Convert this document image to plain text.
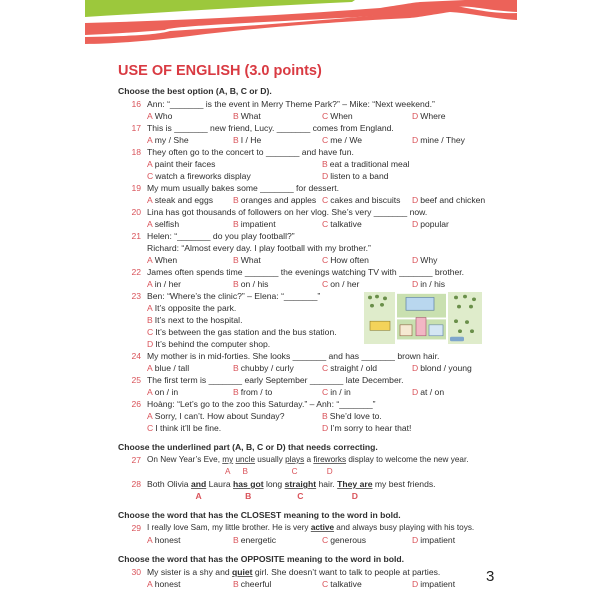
USE OF ENGLISH (3.0 points)
Choose the best option (A, B, C or D).
16 Ann: “_______ is the event in Merry Theme Park?” – Mike: “Next weekend.”
A Who	B What	C When	D Where
17 This is _______ new friend, Lucy. _______ comes from England.
A my / She	B I / He	C me / We	D mine / They
18 They often go to the concert to _______ and have fun.
A paint their faces	B eat a traditional meal
C watch a fireworks display	D listen to a band
19 My mum usually bakes some _______ for dessert.
A steak and eggs B oranges and apples C cakes and biscuits D beef and chicken
20 Lina has got thousands of followers on her vlog. She’s very _______ now.
A selfish	B impatient	C talkative	D popular
21 Helen: “_______ do you play football?”
Richard: “Almost every day. I play football with my brother.”
A When	B What	C How often	D Why
22 James often spends time _______ the evenings watching TV with _______ brother.
A in / her	B on / his	C on / her	D in / his
23 Ben: “Where’s the clinic?” – Elena: “_______”
A It’s opposite the park.
B It’s next to the hospital.
C It’s between the gas station and the bus station.
D It’s behind the computer shop.
24 My mother is in mid-forties. She looks _______ and has _______ brown hair.
A blue / tall	B chubby / curly	C straight / old	D blond / young
25 The first term is _______ early September _______ late December.
A on / in	B from / to	C in / in	D at / on
26 Hoàng: “Let’s go to the zoo this Saturday.” – Anh: “_______”
A Sorry, I can’t. How about Sunday?	B She’d love to.
C I think it’ll be fine.	D I’m sorry to hear that!
Choose the underlined part (A, B, C or D) that needs correcting.
27 On New Year’s Eve, my
A
uncle
B
usually plays
C
a fireworks
D
display to welcome the new year.
28 Both Olivia and
A
Laura has got
B
long straight
C
hair. They are
D
my best friends.
Choose the word that has the CLOSEST meaning to the word in bold.
29 I really love Sam, my little brother. He is very active and always busy playing with his toys.
A honest	B energetic	C generous	D impatient
Choose the word that has the OPPOSITE meaning to the word in bold.
30 My sister is a shy and quiet girl. She doesn’t want to talk to people at parties.
A honest	B cheerful	C talkative	D impatient 3
